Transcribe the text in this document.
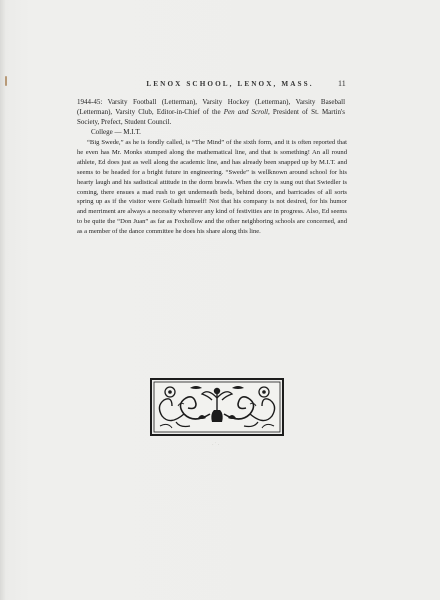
LENOX SCHOOL, LENOX, MASS.	11
1944-45: Varsity Football (Letterman), Varsity Hockey (Letterman), Varsity Baseball (Letterman), Varsity Club, Editor-in-Chief of the Pen and Scroll, President of St. Martin's Society, Prefect, Student Council.
College — M.I.T.

“Big Swede,” as he is fondly called, is “The Mind” of the sixth form, and it is often reported that he even has Mr. Monks stumped along the mathematical line, and that is something! An all round athlete, Ed does just as well along the academic line, and has already been snapped up by M.I.T. and seems to be headed for a bright future in engineering. “Swede” is wellknown around school for his hearty laugh and his sadistical attitude in the dorm brawls. When the cry is sung out that Swiedler is coming, there ensues a mad rush to get underneath beds, behind doors, and barricades of all sorts spring up as if the visitor were Goliath himself! Not that his company is not desired, for his humor and merriment are always a necessity wherever any kind of festivities are in progress. Also, Ed seems to be quite the “Don Juan” as far as Foxhollow and the other neighboring schools are concerned, and as a member of the dance committee he does his share along this line.

· ˙ ·
